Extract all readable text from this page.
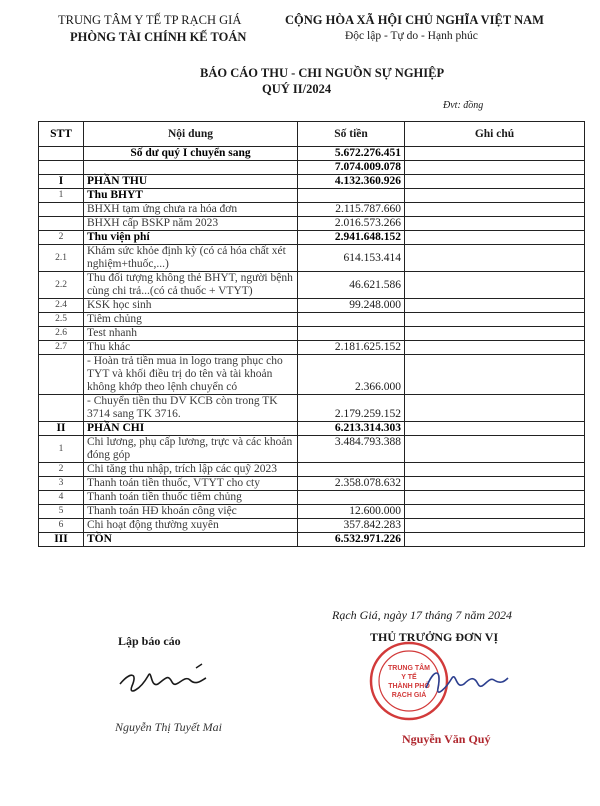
TRUNG TÂM Y TẾ TP RẠCH GIÁ
PHÒNG TÀI CHÍNH KẾ TOÁN
CỘNG HÒA XÃ HỘI CHỦ NGHĨA VIỆT NAM
Độc lập - Tự do - Hạnh phúc
BÁO CÁO THU - CHI NGUỒN SỰ NGHIỆP
QUÝ II/2024
Đvt: đồng
STT	Nội dung	Số tiền	Ghi chú
	Số dư quý I chuyển sang	5.672.276.451	
		7.074.009.078	
I	PHẦN THU	4.132.360.926	
1	Thu BHYT		
	BHXH tạm ứng chưa ra hóa đơn	2.115.787.660	
	BHXH cấp BSKP năm 2023	2.016.573.266	
2	Thu viện phí	2.941.648.152	
2.1	Khám sức khỏe định kỳ (có cả hóa chất xét nghiệm+thuốc,...)	614.153.414	
2.2	Thu đối tượng không thẻ BHYT, người bệnh cùng chi trả...(có cả thuốc + VTYT)	46.621.586	
2.4	KSK học sinh	99.248.000	
2.5	Tiêm chủng		
2.6	Test nhanh		
2.7	Thu khác	2.181.625.152	
	- Hoàn trả tiền mua in logo trang phục cho TYT và khối điều trị do tên và tài khoản không khớp theo lệnh chuyển có	2.366.000	
	- Chuyển tiền thu DV KCB còn trong TK 3714 sang TK 3716.	2.179.259.152	
II	PHẦN CHI	6.213.314.303	
1	Chi lương, phụ cấp lương, trực và các khoản đóng góp	3.484.793.388	
2	Chi tăng thu nhập, trích lập các quỹ 2023		
3	Thanh toán tiền thuốc, VTYT cho cty	2.358.078.632	
4	Thanh toán tiền thuốc tiêm chủng		
5	Thanh toán HĐ khoán công việc	12.600.000	
6	Chi hoạt động thường xuyên	357.842.283	
III	TỒN	6.532.971.226	
Rạch Giá, ngày 17 tháng 7 năm 2024
Lập báo cáo	THỦ TRƯỞNG ĐƠN VỊ
Nguyễn Thị Tuyết Mai
TRUNG TÂM
Y TẾ
THÀNH PHỐ
RẠCH GIÁ
Nguyễn Văn Quý
